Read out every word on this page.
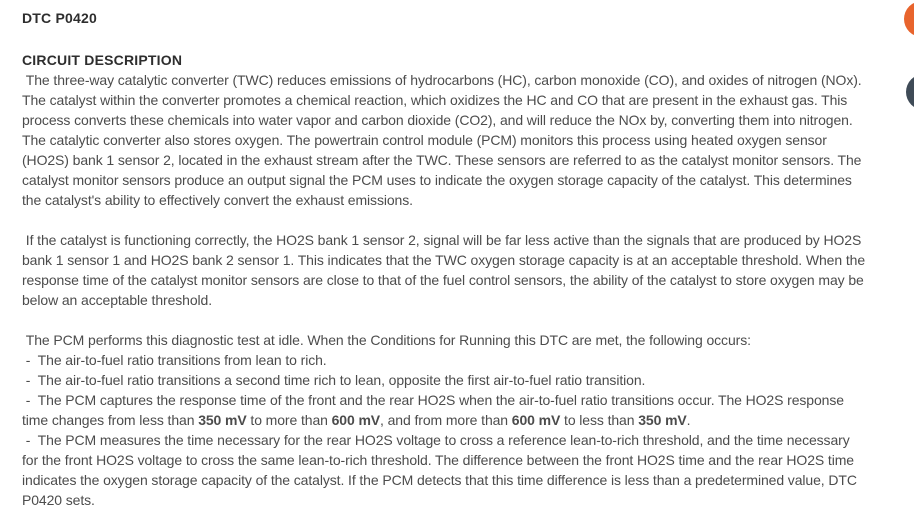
DTC P0420
CIRCUIT DESCRIPTION
The three-way catalytic converter (TWC) reduces emissions of hydrocarbons (HC), carbon monoxide (CO), and oxides of nitrogen (NOx). The catalyst within the converter promotes a chemical reaction, which oxidizes the HC and CO that are present in the exhaust gas. This process converts these chemicals into water vapor and carbon dioxide (CO2), and will reduce the NOx by, converting them into nitrogen. The catalytic converter also stores oxygen. The powertrain control module (PCM) monitors this process using heated oxygen sensor (HO2S) bank 1 sensor 2, located in the exhaust stream after the TWC. These sensors are referred to as the catalyst monitor sensors. The catalyst monitor sensors produce an output signal the PCM uses to indicate the oxygen storage capacity of the catalyst. This determines the catalyst's ability to effectively convert the exhaust emissions.
If the catalyst is functioning correctly, the HO2S bank 1 sensor 2, signal will be far less active than the signals that are produced by HO2S bank 1 sensor 1 and HO2S bank 2 sensor 1. This indicates that the TWC oxygen storage capacity is at an acceptable threshold. When the response time of the catalyst monitor sensors are close to that of the fuel control sensors, the ability of the catalyst to store oxygen may be below an acceptable threshold.
The PCM performs this diagnostic test at idle. When the Conditions for Running this DTC are met, the following occurs:
-  The air-to-fuel ratio transitions from lean to rich.
-  The air-to-fuel ratio transitions a second time rich to lean, opposite the first air-to-fuel ratio transition.
-  The PCM captures the response time of the front and the rear HO2S when the air-to-fuel ratio transitions occur. The HO2S response time changes from less than 350 mV to more than 600 mV, and from more than 600 mV to less than 350 mV.
-  The PCM measures the time necessary for the rear HO2S voltage to cross a reference lean-to-rich threshold, and the time necessary for the front HO2S voltage to cross the same lean-to-rich threshold. The difference between the front HO2S time and the rear HO2S time indicates the oxygen storage capacity of the catalyst. If the PCM detects that this time difference is less than a predetermined value, DTC P0420 sets.
